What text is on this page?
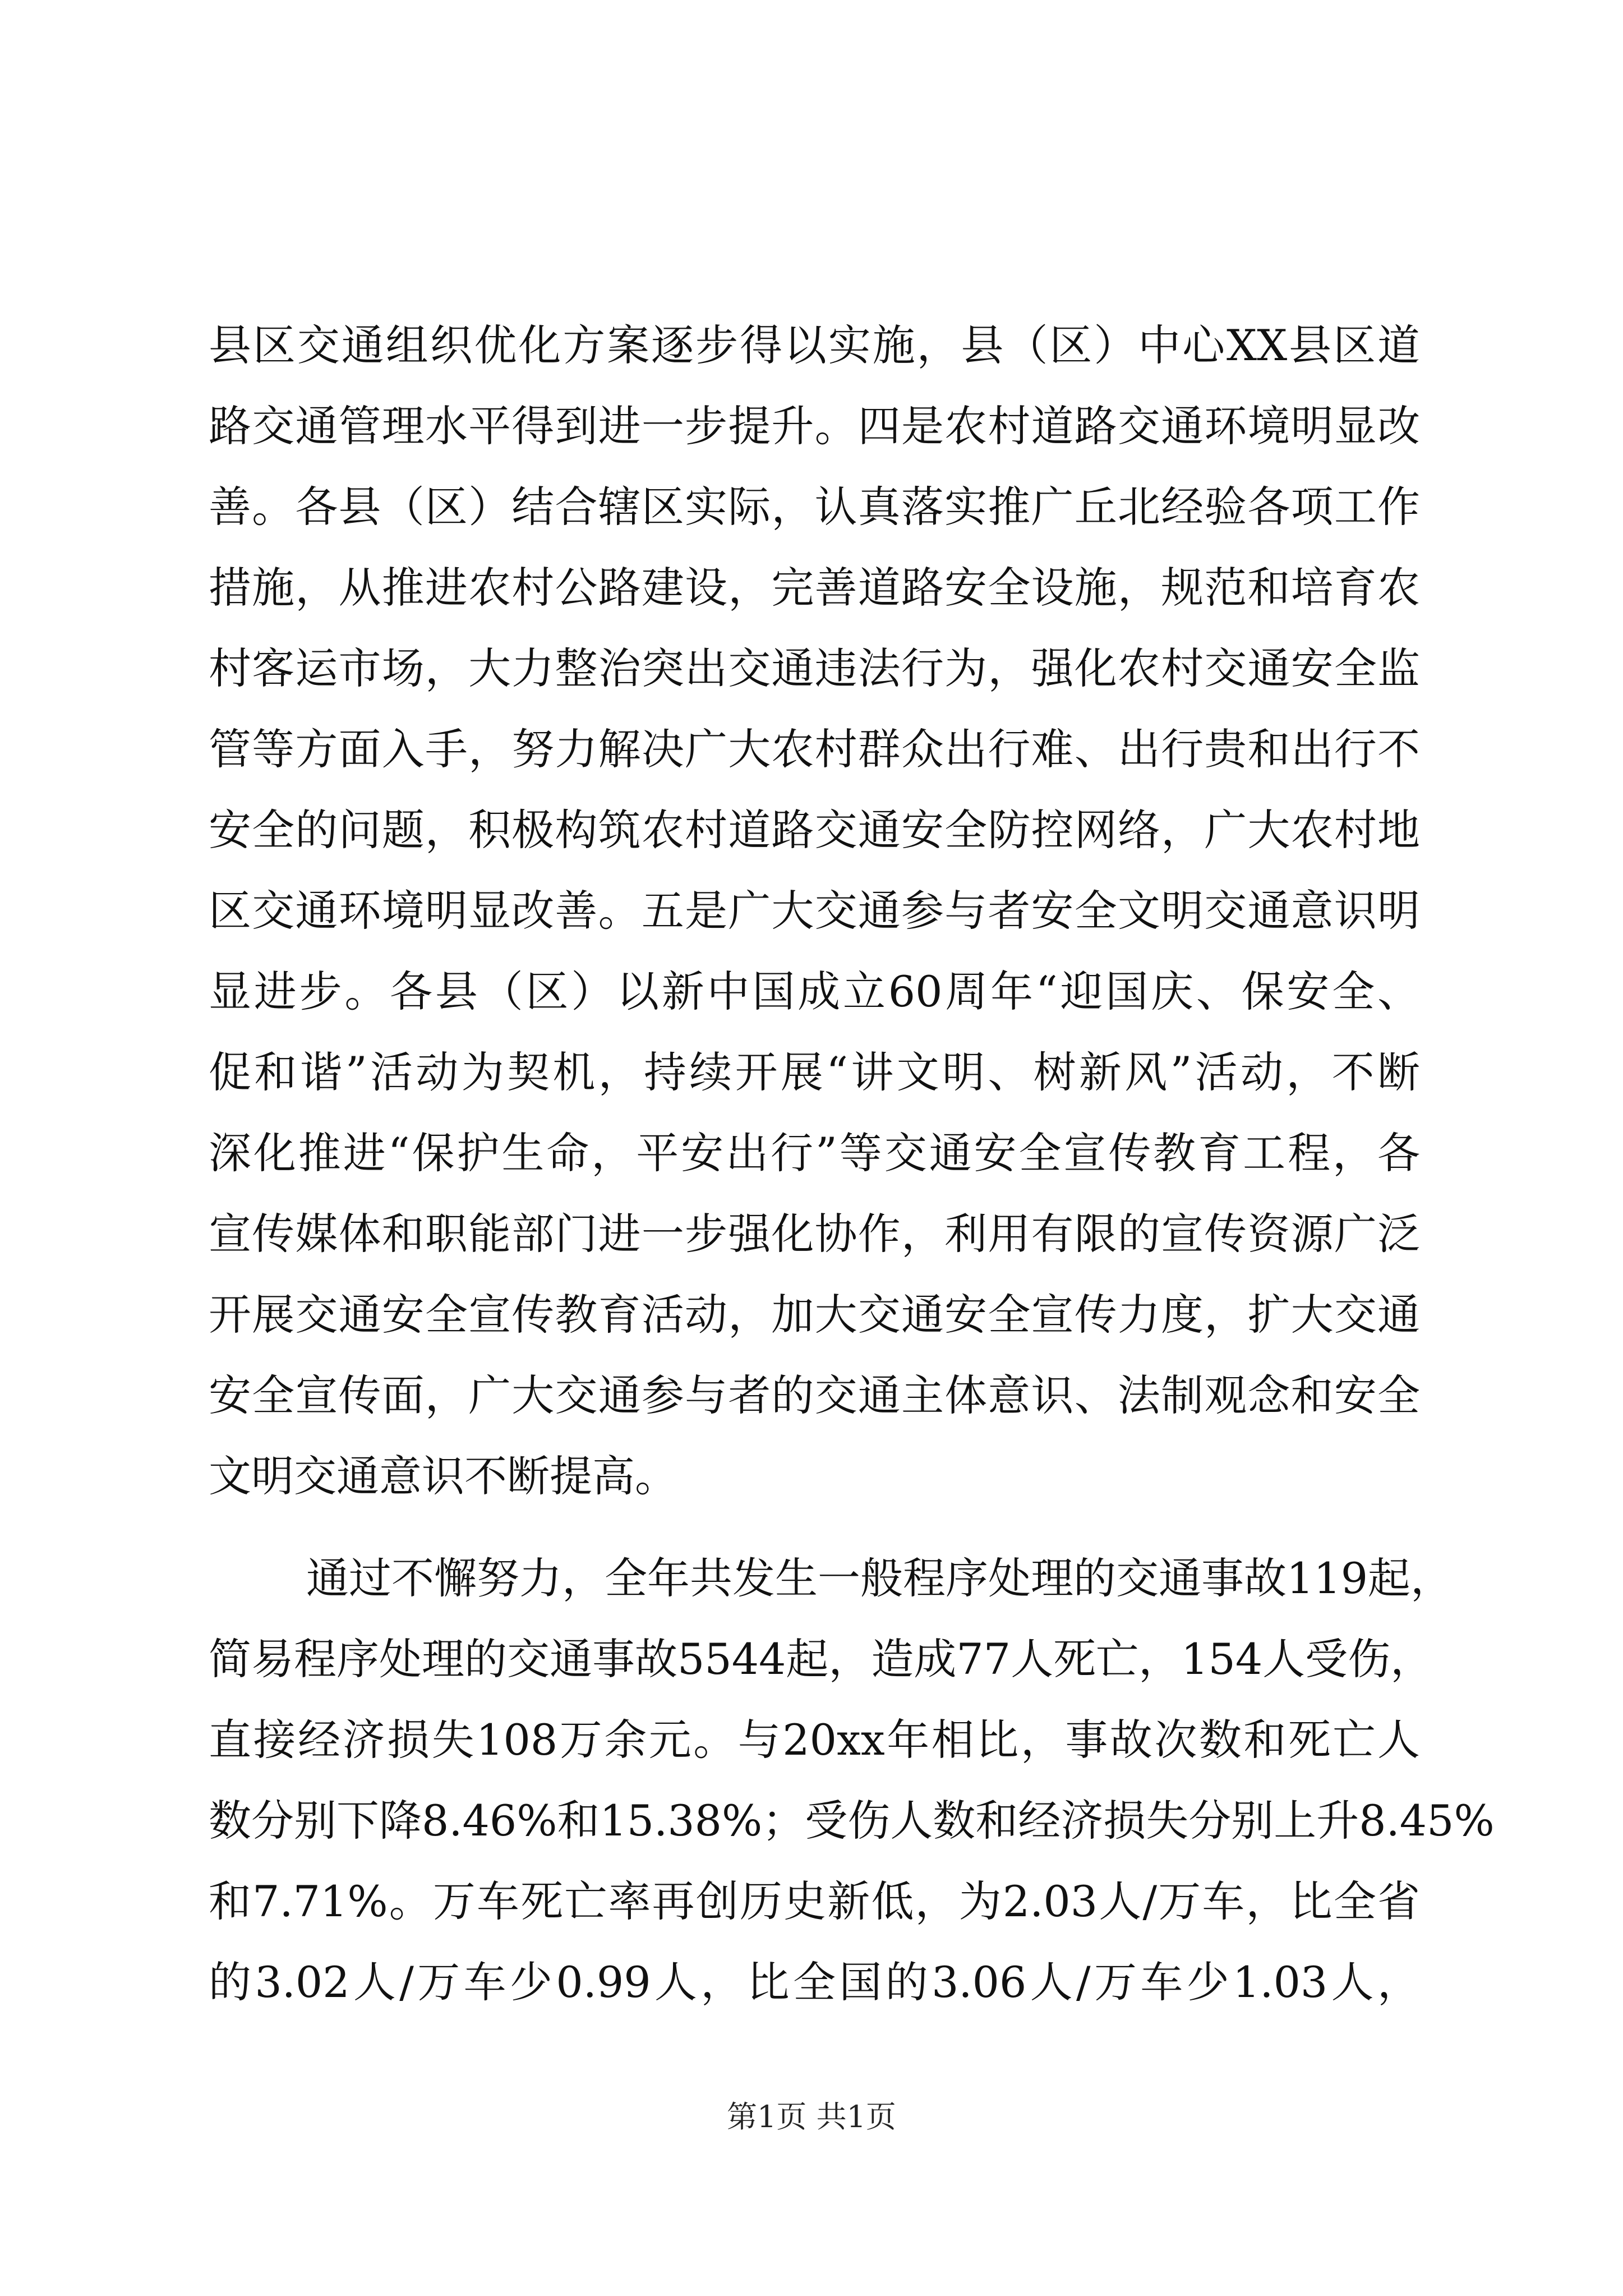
县区交通组织优化方案逐步得以实施，县（区）中心XX县区道
路交通管理水平得到进一步提升。四是农村道路交通环境明显改
善。各县（区）结合辖区实际，认真落实推广丘北经验各项工作
措施，从推进农村公路建设，完善道路安全设施，规范和培育农
村客运市场，大力整治突出交通违法行为，强化农村交通安全监
管等方面入手，努力解决广大农村群众出行难、出行贵和出行不
安全的问题，积极构筑农村道路交通安全防控网络，广大农村地
区交通环境明显改善。五是广大交通参与者安全文明交通意识明
显进步。各县（区）以新中国成立60周年“迎国庆、保安全、
促和谐”活动为契机，持续开展“讲文明、树新风”活动，不断
深化推进“保护生命，平安出行”等交通安全宣传教育工程，各
宣传媒体和职能部门进一步强化协作，利用有限的宣传资源广泛
开展交通安全宣传教育活动，加大交通安全宣传力度，扩大交通
安全宣传面，广大交通参与者的交通主体意识、法制观念和安全
文明交通意识不断提高。
通过不懈努力，全年共发生一般程序处理的交通事故119起，
简易程序处理的交通事故5544起，造成77人死亡，154人受伤，
直接经济损失108万余元。与20xx年相比，事故次数和死亡人
数分别下降8.46%和15.38%；受伤人数和经济损失分别上升8.45%
和7.71%。万车死亡率再创历史新低，为2.03人/万车，比全省
的3.02人/万车少0.99人，比全国的3.06人/万车少1.03人，
第1页 共1页
